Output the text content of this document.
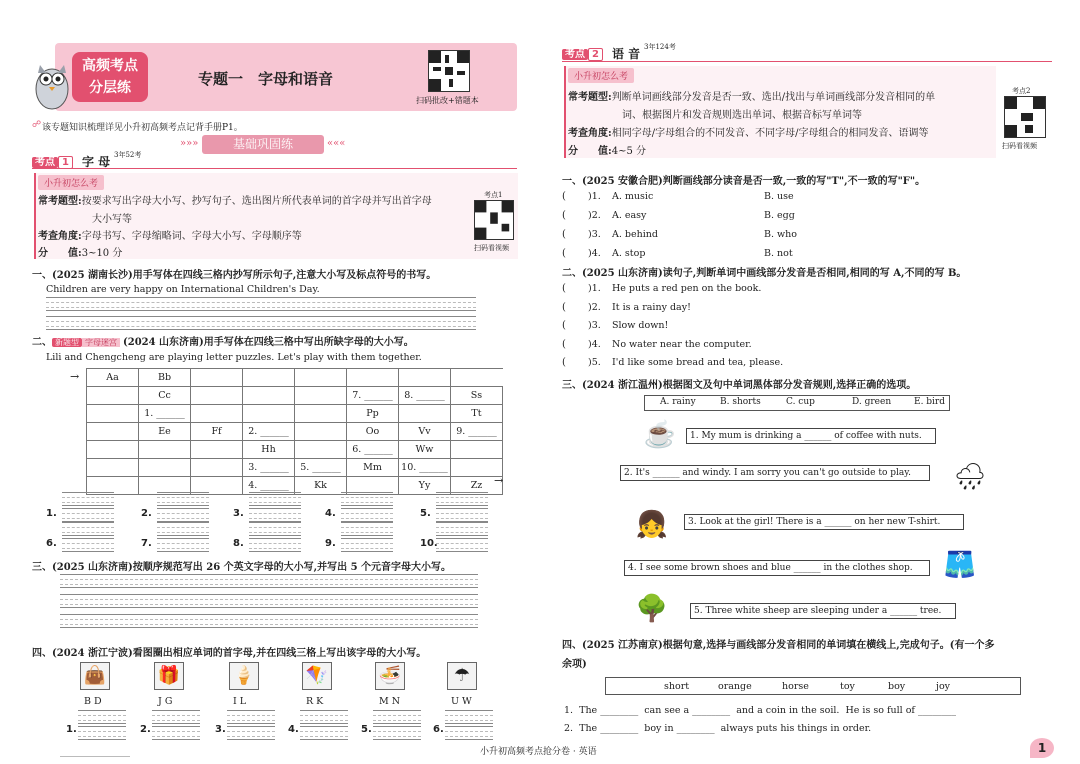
高频考点
分层练	专题一　字母和语音
扫码批改+错题本
☍ 该专题知识梳理详见小升初高频考点记背手册P1。
»»»	基础巩固练	«««
考点 1	字 母 3年52考
小升初怎么考
常考题型:按要求写出字母大小写、抄写句子、选出图片所代表单词的首字母并写出首字母
大小写等
考查角度:字母书写、字母缩略词、字母大小写、字母顺序等
分　　值:3~10 分
考点1
扫码看视频
一、(2025 湖南长沙)用手写体在四线三格内抄写所示句子,注意大小写及标点符号的书写。
Children are very happy on International Children's Day.
二、 新题型 字母迷宫 (2024 山东济南)用手写体在四线三格中写出所缺字母的大小写。
Lili and Chengcheng are playing letter puzzles. Let's play with them together.
→	Aa	Bb						
	Cc				7. ______	8. ______	Ss
	1. ______				Pp		Tt
	Ee	Ff	2. ______		Oo	Vv	9. ______
			Hh		6. ______	Ww	
			3. ______	5. ______	Mm	10. ______	
			4. ______	Kk		Yy	Zz →
1.	2.	3.	4.	5.
6.	7.	8.	9.	10.
三、(2025 山东济南)按顺序规范写出 26 个英文字母的大小写,并写出 5 个元音字母大小写。
四、(2024 浙江宁波)看图圈出相应单词的首字母,并在四线三格上写出该字母的大小写。
👜
B D
1.
🎁
J G
2.
🍦
I L
3.
🪁
R K
4.
🍜
M N
5.
☂
U W
6.
考点 2	语 音 3年124考
小升初怎么考
常考题型:判断单词画线部分发音是否一致、选出/找出与单词画线部分发音相同的单
词、根据图片和发音规则选出单词、根据音标写单词等
考查角度:相同字母/字母组合的不同发音、不同字母/字母组合的相同发音、语调等
分　　值:4~5 分
考点2
扫码看视频
一、(2025 安徽合肥)判断画线部分读音是否一致,一致的写"T",不一致的写"F"。
( )1. A. music	B. use
( )2. A. easy	B. egg
( )3. A. behind	B. who
( )4. A. stop	B. not
二、(2025 山东济南)读句子,判断单词中画线部分发音是否相同,相同的写 A,不同的写 B。
( )1. He puts a red pen on the book.
( )2. It is a rainy day!
( )3. Slow down!
( )4. No water near the computer.
( )5. I'd like some bread and tea, please.
三、(2024 浙江温州)根据图文及句中单词黑体部分发音规则,选择正确的选项。
A. rainy	B. shorts	C. cup	D. green	E. bird
☕	1. My mum is drinking a ______ of coffee with nuts.
🌧
2. It's ______ and windy. I am sorry you can't go outside to play.
👧	3. Look at the girl! There is a ______ on her new T-shirt.
🩳
4. I see some brown shoes and blue ______ in the clothes shop.
🌳	5. Three white sheep are sleeping under a ______ tree.
四、(2025 江苏南京)根据句意,选择与画线部分发音相同的单词填在横线上,完成句子。(有一个多
余项)
short	orange	horse	toy	boy	joy
1.  The ________  can see a ________  and a coin in the soil.  He is so full of ________
2.  The ________  boy in ________  always puts his things in order.
小升初高频考点抢分卷 · 英语	1
